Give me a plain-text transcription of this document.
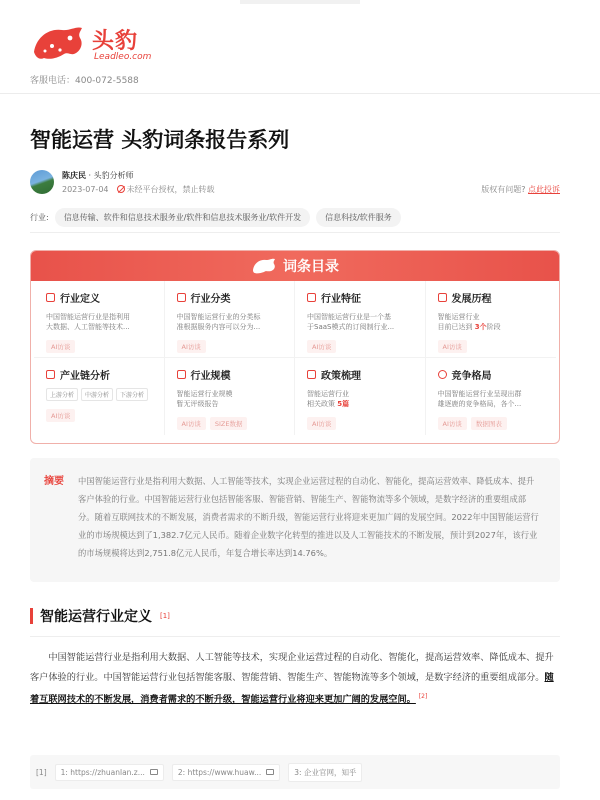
头豹
Leadleo.com
客服电话：400-072-5588
智能运营 头豹词条报告系列
陈庆民 · 头豹分析师
2023-07-04	未经平台授权，禁止转载	版权有问题? 点此投诉
行业:	信息传输、软件和信息技术服务业/软件和信息技术服务业/软件开发	信息科技/软件服务
词条目录
行业定义
中国智能运营行业是指利用
大数据、人工智能等技术...
AI访谈
行业分类
中国智能运营行业的分类标
准根据服务内容可以分为...
AI访谈
行业特征
中国智能运营行业是一个基
于SaaS模式的订阅制行业...
AI访谈
发展历程
智能运营行业
目前已达到 3个阶段
AI访谈
产业链分析
上游分析	中游分析	下游分析
AI访谈
行业规模
智能运营行业规模
暂无评级报告
AI访谈	SIZE数据
政策梳理
智能运营行业
相关政策 5篇
AI访谈
竞争格局
中国智能运营行业呈现出群
雄逐鹿的竞争格局，各个...
AI访谈	数据图表
摘要 中国智能运营行业是指利用大数据、人工智能等技术，实现企业运营过程的自动化、智能化，提高运营效率、降低成本、提升客户体验的行业。中国智能运营行业包括智能客服、智能营销、智能生产、智能物流等多个领域，是数字经济的重要组成部分。随着互联网技术的不断发展，消费者需求的不断升级，智能运营行业将迎来更加广阔的发展空间。2022年中国智能运营行业的市场规模达到了1,382.7亿元人民币。随着企业数字化转型的推进以及人工智能技术的不断发展，预计到2027年，该行业的市场规模将达到2,751.8亿元人民币，年复合增长率达到14.76%。

智能运营行业定义 [1]

中国智能运营行业是指利用大数据、人工智能等技术，实现企业运营过程的自动化、智能化，提高运营效率、降低成本、提升客户体验的行业。中国智能运营行业包括智能客服、智能营销、智能生产、智能物流等多个领域，是数字经济的重要组成部分。随着互联网技术的不断发展，消费者需求的不断升级，智能运营行业将迎来更加广阔的发展空间。 [2]

[1] 1: https://zhuanlan.z...	2: https://www.huaw...	3: 企业官网，知乎
